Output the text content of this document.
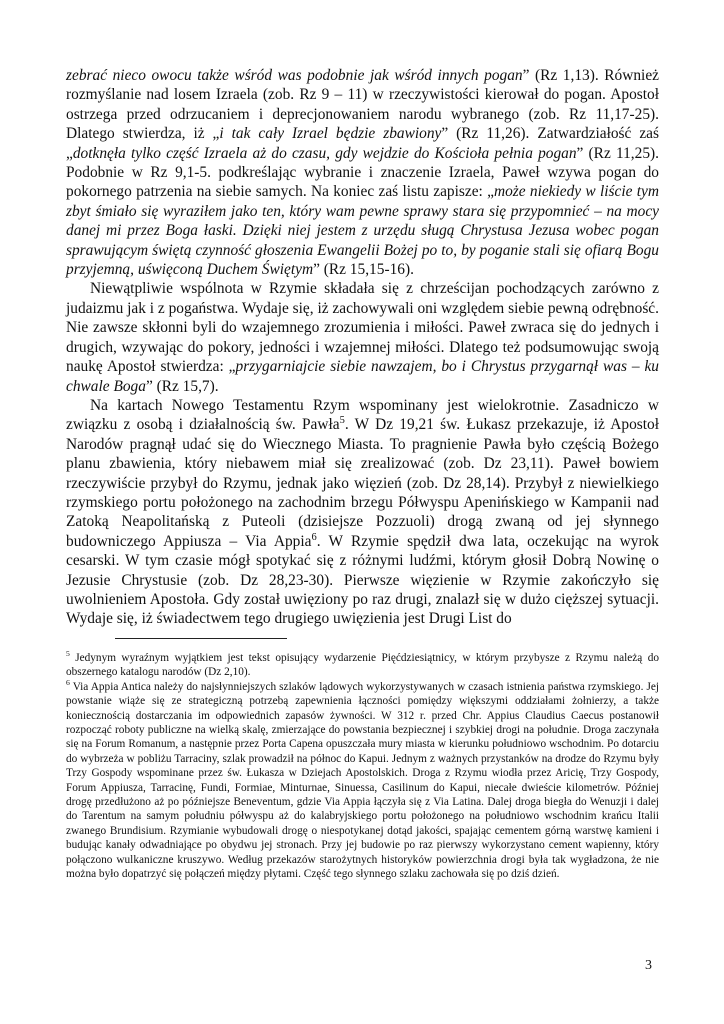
zebrać nieco owocu także wśród was podobnie jak wśród innych pogan” (Rz 1,13). Również rozmyślanie nad losem Izraela (zob. Rz 9 – 11) w rzeczywistości kierował do pogan. Apostoł ostrzega przed odrzucaniem i deprecjonowaniem narodu wybranego (zob. Rz 11,17-25). Dlatego stwierdza, iż „i tak cały Izrael będzie zbawiony” (Rz 11,26). Zatwardziałość zaś „dotknęła tylko część Izraela aż do czasu, gdy wejdzie do Kościoła pełnia pogan” (Rz 11,25). Podobnie w Rz 9,1-5. podkreślając wybranie i znaczenie Izraela, Paweł wzywa pogan do pokornego patrzenia na siebie samych. Na koniec zaś listu zapisze: „może niekiedy w liście tym zbyt śmiało się wyraziłem jako ten, który wam pewne sprawy stara się przypomnieć – na mocy danej mi przez Boga łaski. Dzięki niej jestem z urzędu sługą Chrystusa Jezusa wobec pogan sprawującym świętą czynność głoszenia Ewangelii Bożej po to, by poganie stali się ofiarą Bogu przyjemną, uświęconą Duchem Świętym” (Rz 15,15-16).

Niewątpliwie wspólnota w Rzymie składała się z chrześcijan pochodzących zarówno z judaizmu jak i z pogaństwa. Wydaje się, iż zachowywali oni względem siebie pewną odrębność. Nie zawsze skłonni byli do wzajemnego zrozumienia i miłości. Paweł zwraca się do jednych i drugich, wzywając do pokory, jedności i wzajemnej miłości. Dlatego też podsumowując swoją naukę Apostoł stwierdza: „przygarniajcie siebie nawzajem, bo i Chrystus przygarnął was – ku chwale Boga” (Rz 15,7).

Na kartach Nowego Testamentu Rzym wspominany jest wielokrotnie. Zasadniczo w związku z osobą i działalnością św. Pawła$^5$. W Dz 19,21 św. Łukasz przekazuje, iż Apostoł Narodów pragnął udać się do Wiecznego Miasta. To pragnienie Pawła było częścią Bożego planu zbawienia, który niebawem miał się zrealizować (zob. Dz 23,11). Paweł bowiem rzeczywiście przybył do Rzymu, jednak jako więzień (zob. Dz 28,14). Przybył z niewielkiego rzymskiego portu położonego na zachodnim brzegu Półwyspu Apenińskiego w Kampanii nad Zatoką Neapolitańską z Puteoli (dzisiejsze Pozzuoli) drogą zwaną od jej słynnego budowniczego Appiusza – Via Appia$^6$. W Rzymie spędził dwa lata, oczekując na wyrok cesarski. W tym czasie mógł spotykać się z różnymi ludźmi, którym głosił Dobrą Nowinę o Jezusie Chrystusie (zob. Dz 28,23-30). Pierwsze więzienie w Rzymie zakończyło się uwolnieniem Apostoła. Gdy został uwięziony po raz drugi, znalazł się w dużo cięższej sytuacji. Wydaje się, iż świadectwem tego drugiego uwięzienia jest Drugi List do

$^5$ Jedynym wyraźnym wyjątkiem jest tekst opisujący wydarzenie Pięćdziesiątnicy, w którym przybysze z Rzymu należą do obszernego katalogu narodów (Dz 2,10).

$^6$ Via Appia Antica należy do najsłynniejszych szlaków lądowych wykorzystywanych w czasach istnienia państwa rzymskiego. Jej powstanie wiąże się ze strategiczną potrzebą zapewnienia łączności pomiędzy większymi oddziałami żołnierzy, a także koniecznością dostarczania im odpowiednich zapasów żywności. W 312 r. przed Chr. Appius Claudius Caecus postanowił rozpocząć roboty publiczne na wielką skalę, zmierzające do powstania bezpiecznej i szybkiej drogi na południe. Droga zaczynała się na Forum Romanum, a następnie przez Porta Capena opuszczała mury miasta w kierunku południowo wschodnim. Po dotarciu do wybrzeża w pobliżu Tarraciny, szlak prowadził na północ do Kapui. Jednym z ważnych przystanków na drodze do Rzymu były Trzy Gospody wspominane przez św. Łukasza w Dziejach Apostolskich. Droga z Rzymu wiodła przez Aricię, Trzy Gospody, Forum Appiusza, Tarracinę, Fundi, Formiae, Minturnae, Sinuessa, Casilinum do Kapui, niecałe dwieście kilometrów. Później drogę przedłużono aż po późniejsze Beneventum, gdzie Via Appia łączyła się z Via Latina. Dalej droga biegła do Wenuzji i dalej do Tarentum na samym południu półwyspu aż do kalabryjskiego portu położonego na południowo wschodnim krańcu Italii zwanego Brundisium. Rzymianie wybudowali drogę o niespotykanej dotąd jakości, spajając cementem górną warstwę kamieni i budując kanały odwadniające po obydwu jej stronach. Przy jej budowie po raz pierwszy wykorzystano cement wapienny, który połączono wulkaniczne kruszywo. Według przekazów starożytnych historyków powierzchnia drogi była tak wygładzona, że nie można było dopatrzyć się połączeń między płytami. Część tego słynnego szlaku zachowała się po dziś dzień.

3
